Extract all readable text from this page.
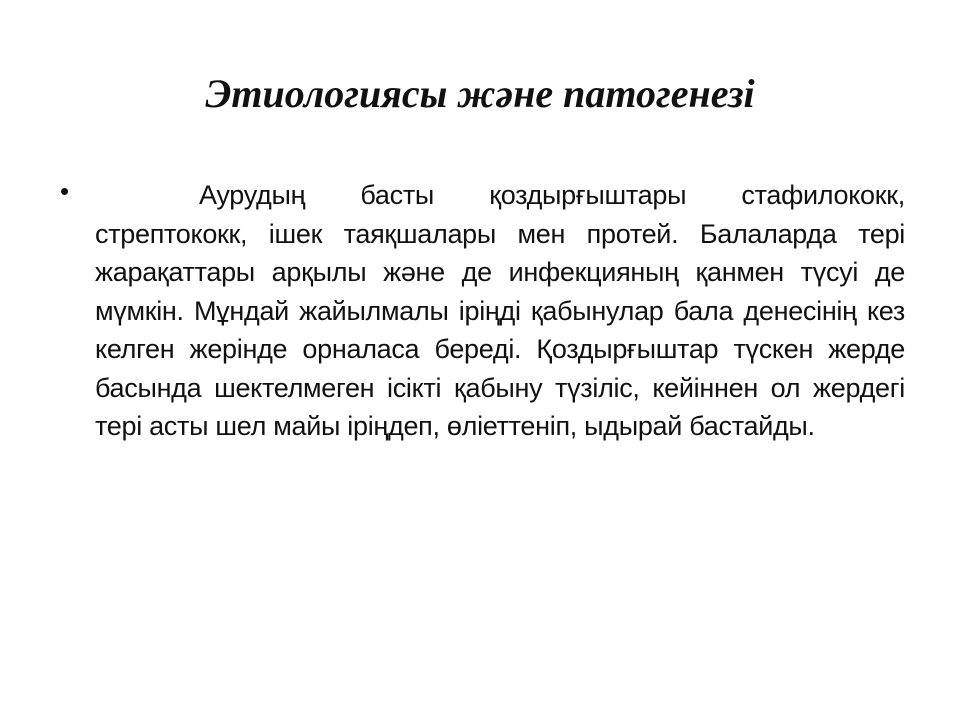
Этиологиясы және патогенезі
•	Аурудың басты қоздырғыштары стафилококк, стрептококк, ішек таяқшалары мен протей. Балаларда тері жарақаттары арқылы және де инфекцияның қанмен түсуі де мүмкін. Мұндай жайылмалы іріңді қабынулар бала денесінің кез келген жерінде орналаса береді. Қоздырғыштар түскен жерде басында шектелмеген ісікті қабыну түзіліс, кейіннен ол жердегі тері асты шел майы іріңдеп, өліеттеніп, ыдырай бастайды.
